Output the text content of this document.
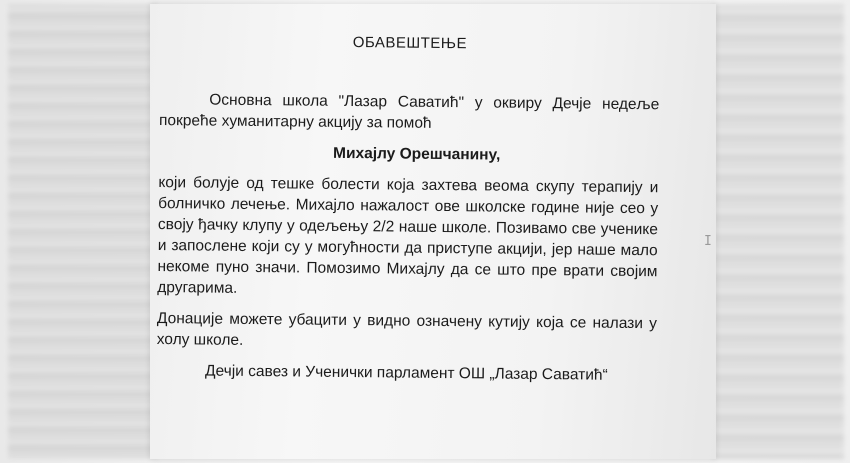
ОБАВЕШТЕЊЕ

Основна школа "Лазар Саватић" у оквиру Дечје недеље покреће хуманитарну акцију за помоћ

Михајлу Орешчанину,

који болује од тешке болести која захтева веома скупу терапију и болничко лечење. Михајло нажалост ове школске године није сео у своју ђачку клупу у одељењу 2/2 наше школе. Позивамо све ученике и запослене који су у могућности да приступе акцији, јер наше мало некоме пуно значи. Помозимо Михајлу да се што пре врати својим другарима.

Донације можете убацити у видно означену кутију која се налази у холу школе.

Дечји савез и Ученички парламент ОШ „Лазар Саватић“

I
